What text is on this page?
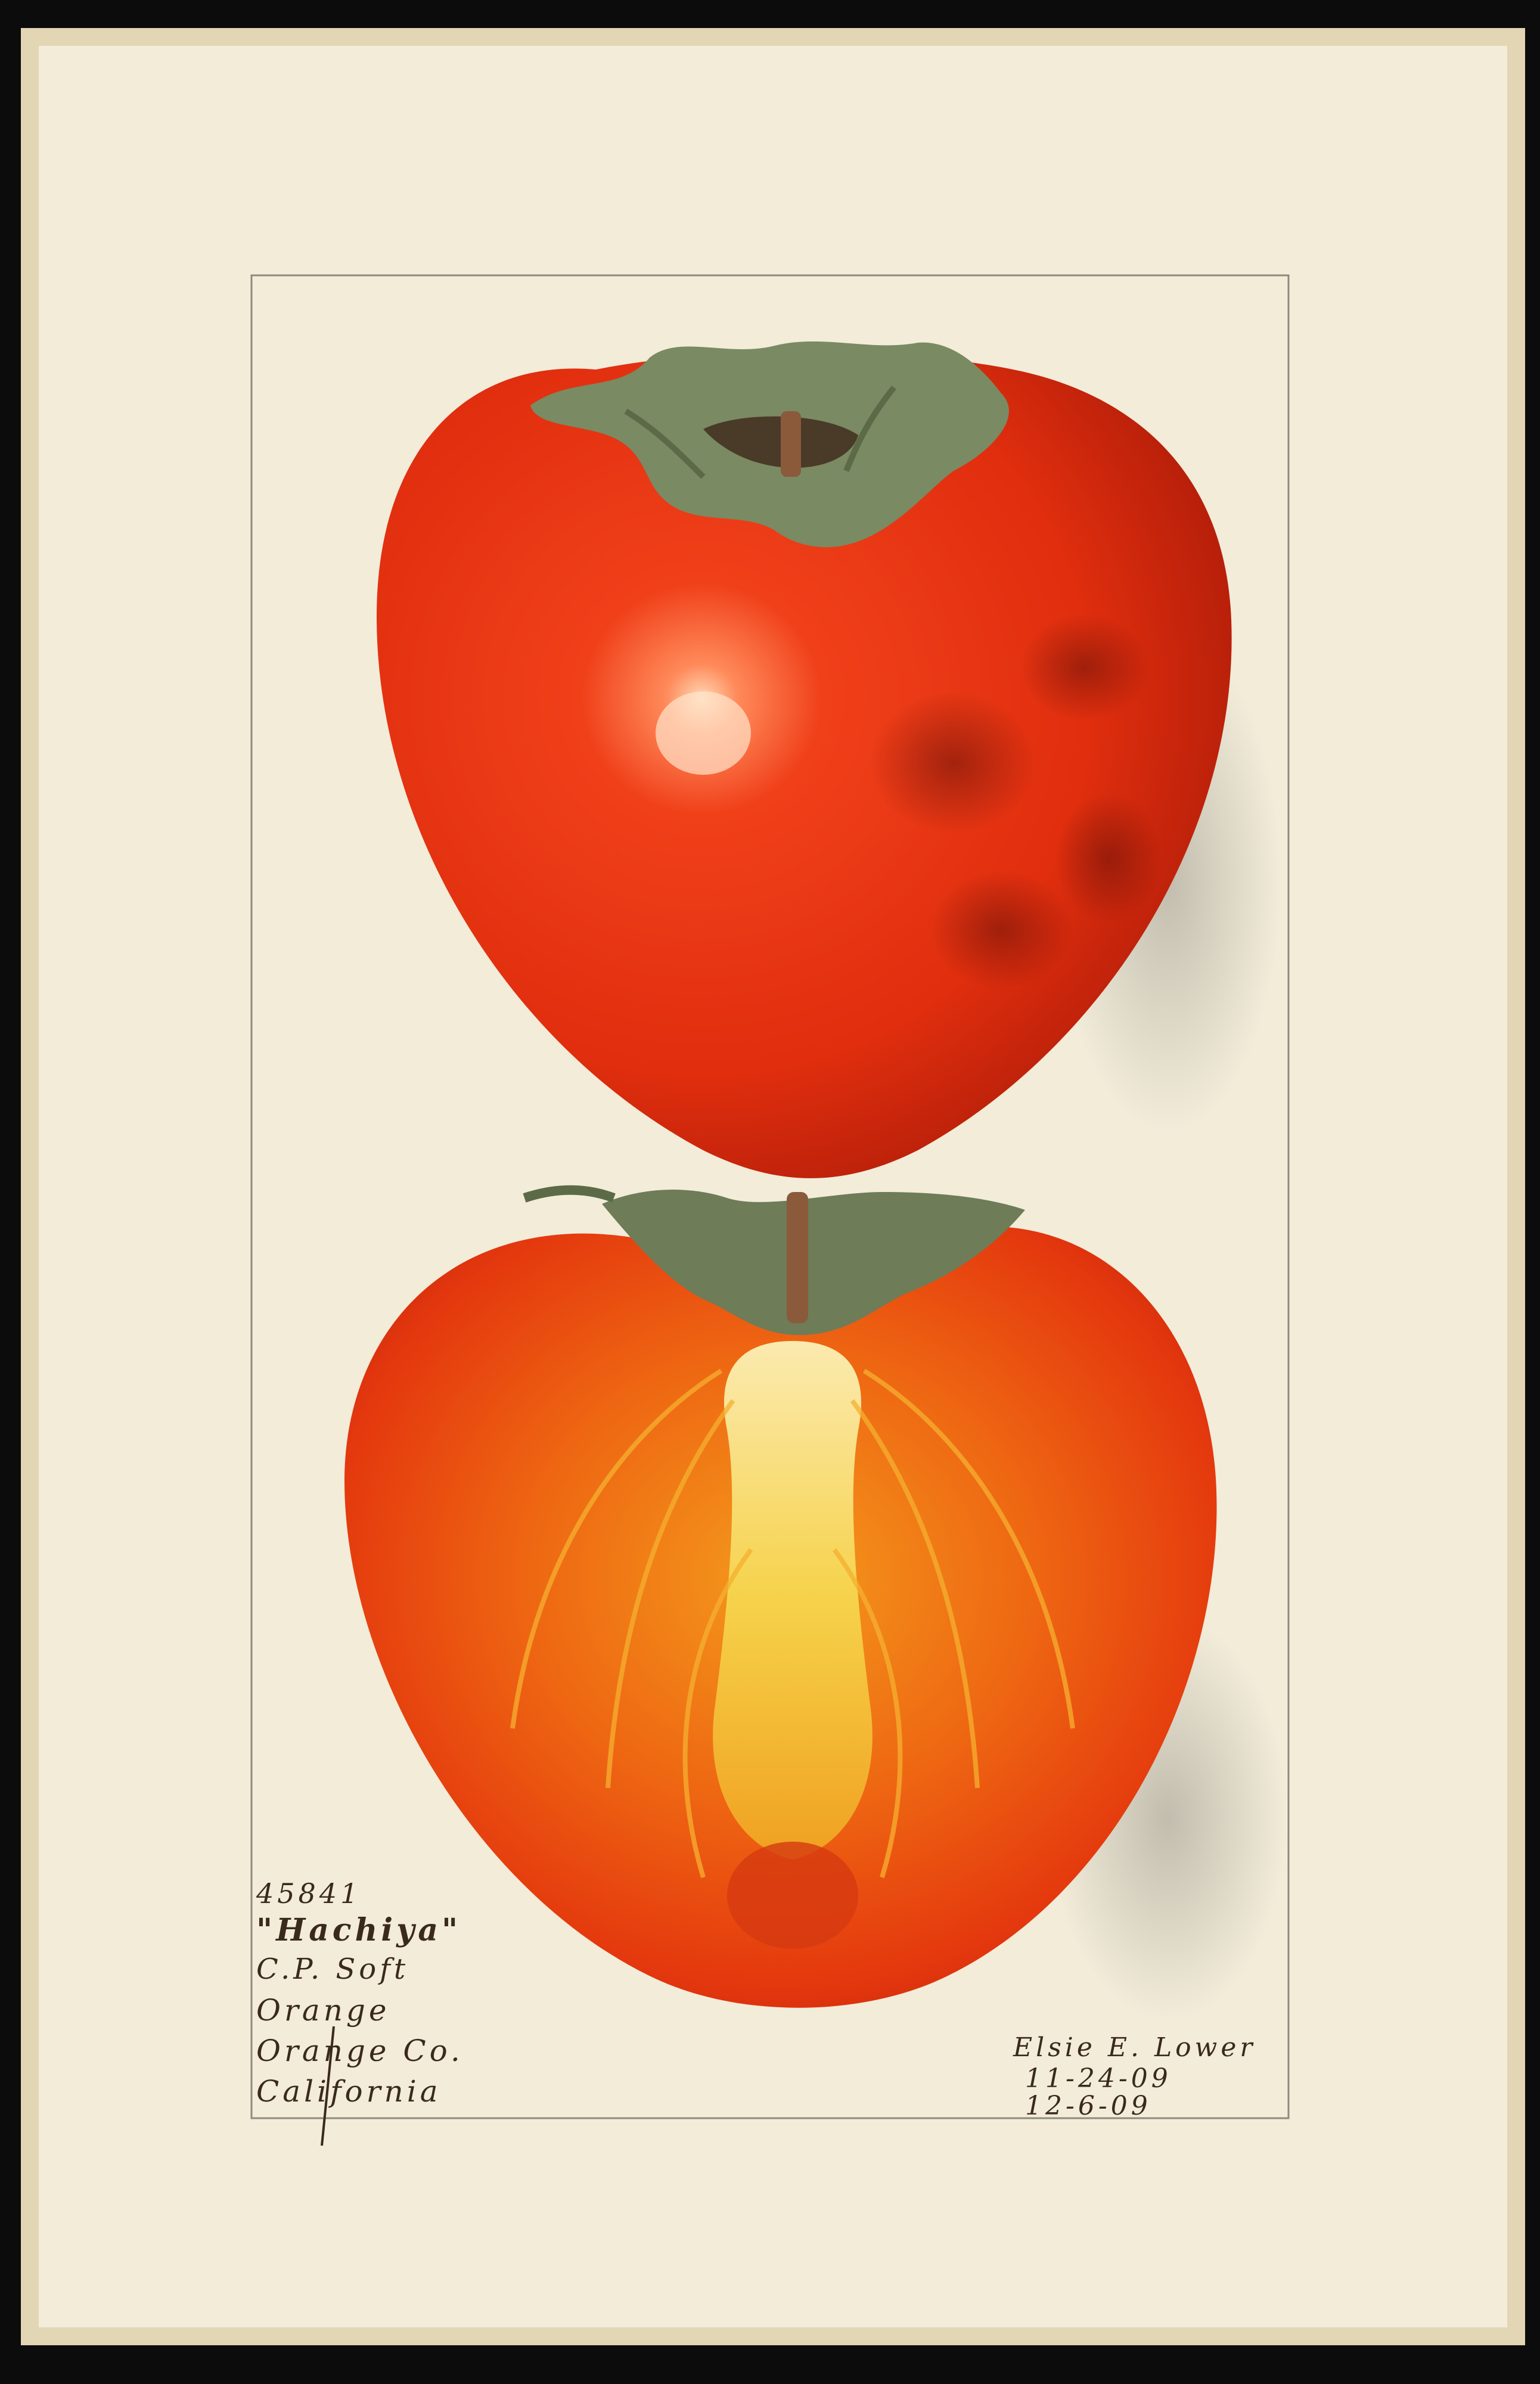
45841
"Hachiya"
C.P. Soft
Orange
Orange Co.
California
Elsie E. Lower
11-24-09
12-6-09
